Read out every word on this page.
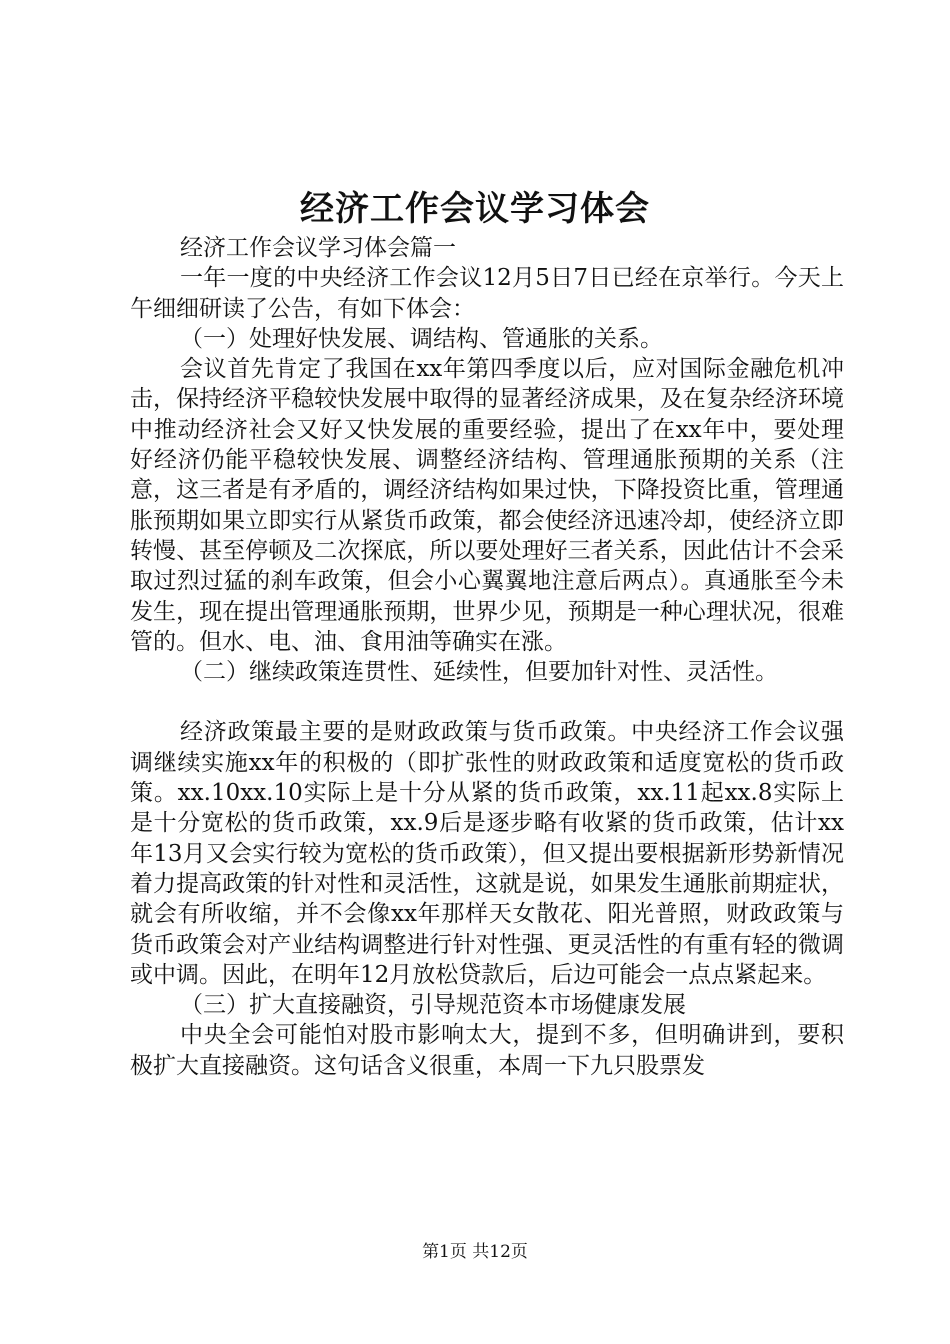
经济工作会议学习体会

经济工作会议学习体会篇一

一年一度的中央经济工作会议12月5日7日已经在京举行。今天上午细细研读了公告，有如下体会：

（一）处理好快发展、调结构、管通胀的关系。

会议首先肯定了我国在xx年第四季度以后，应对国际金融危机冲击，保持经济平稳较快发展中取得的显著经济成果，及在复杂经济环境中推动经济社会又好又快发展的重要经验，提出了在xx年中，要处理好经济仍能平稳较快发展、调整经济结构、管理通胀预期的关系（注意，这三者是有矛盾的，调经济结构如果过快，下降投资比重，管理通胀预期如果立即实行从紧货币政策，都会使经济迅速冷却，使经济立即转慢、甚至停顿及二次探底，所以要处理好三者关系，因此估计不会采取过烈过猛的刹车政策，但会小心翼翼地注意后两点）。真通胀至今未发生，现在提出管理通胀预期，世界少见，预期是一种心理状况，很难管的。但水、电、油、食用油等确实在涨。

（二）继续政策连贯性、延续性，但要加针对性、灵活性。

经济政策最主要的是财政政策与货币政策。中央经济工作会议强调继续实施xx年的积极的（即扩张性的财政政策和适度宽松的货币政策。xx.10xx.10实际上是十分从紧的货币政策，xx.11起xx.8实际上是十分宽松的货币政策，xx.9后是逐步略有收紧的货币政策，估计xx年13月又会实行较为宽松的货币政策），但又提出要根据新形势新情况着力提高政策的针对性和灵活性，这就是说，如果发生通胀前期症状，就会有所收缩，并不会像xx年那样天女散花、阳光普照，财政政策与货币政策会对产业结构调整进行针对性强、更灵活性的有重有轻的微调或中调。因此，在明年12月放松贷款后，后边可能会一点点紧起来。

（三）扩大直接融资，引导规范资本市场健康发展

中央全会可能怕对股市影响太大，提到不多，但明确讲到，要积极扩大直接融资。这句话含义很重，本周一下九只股票发

第1页 共12页
